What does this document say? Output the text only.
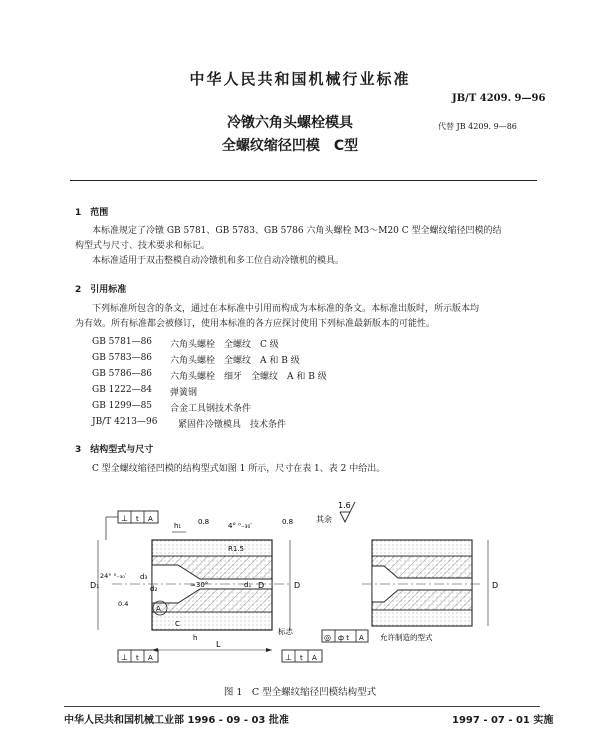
中华人民共和国机械行业标准
JB/T 4209. 9—96
冷镦六角头螺栓模具	代替 JB 4209. 9—86
全螺纹缩径凹模　C型
1　范围
本标准规定了冷镦 GB 5781、GB 5783、GB 5786 六角头螺栓 M3～M20 C 型全螺纹缩径凹模的结
构型式与尺寸、技术要求和标记。
本标准适用于双击整模自动冷镦机和多工位自动冷镦机的模具。
2　引用标准
下列标准所包含的条文，通过在本标准中引用而构成为本标准的条文。本标准出版时，所示版本均
为有效。所有标准都会被修订，使用本标准的各方应探讨使用下列标准最新版本的可能性。
GB 5781—86 六角头螺栓　全螺纹　C 级
GB 5783—86 六角头螺栓　全螺纹　A 和 B 级
GB 5786—86 六角头螺栓　细牙　全螺纹　A 和 B 级
GB 1222—84 弹簧钢
GB 1299—85 合金工具钢技术条件
JB/T 4213—96 紧固件冷镦模具　技术条件
3　结构型式与尺寸
C 型全螺纹缩径凹模的结构型式如图 1 所示，尺寸在表 1、表 2 中给出。
1.6
其余
⊥ t A
4° ⁰₋₃₀′
0.8	0.8
R1.5
h₁
D₁
24° ⁰₋₃₀′
0.4
d₃
d₂	≈30°	d₁ D	D
A
C
h
L
标志
⊥ t A	⊥ t A
◎ ф t A
D
允许制造的型式
图 1　C 型全螺纹缩径凹模结构型式
中华人民共和国机械工业部 1996 - 09 - 03 批准	1997 - 07 - 01 实施
